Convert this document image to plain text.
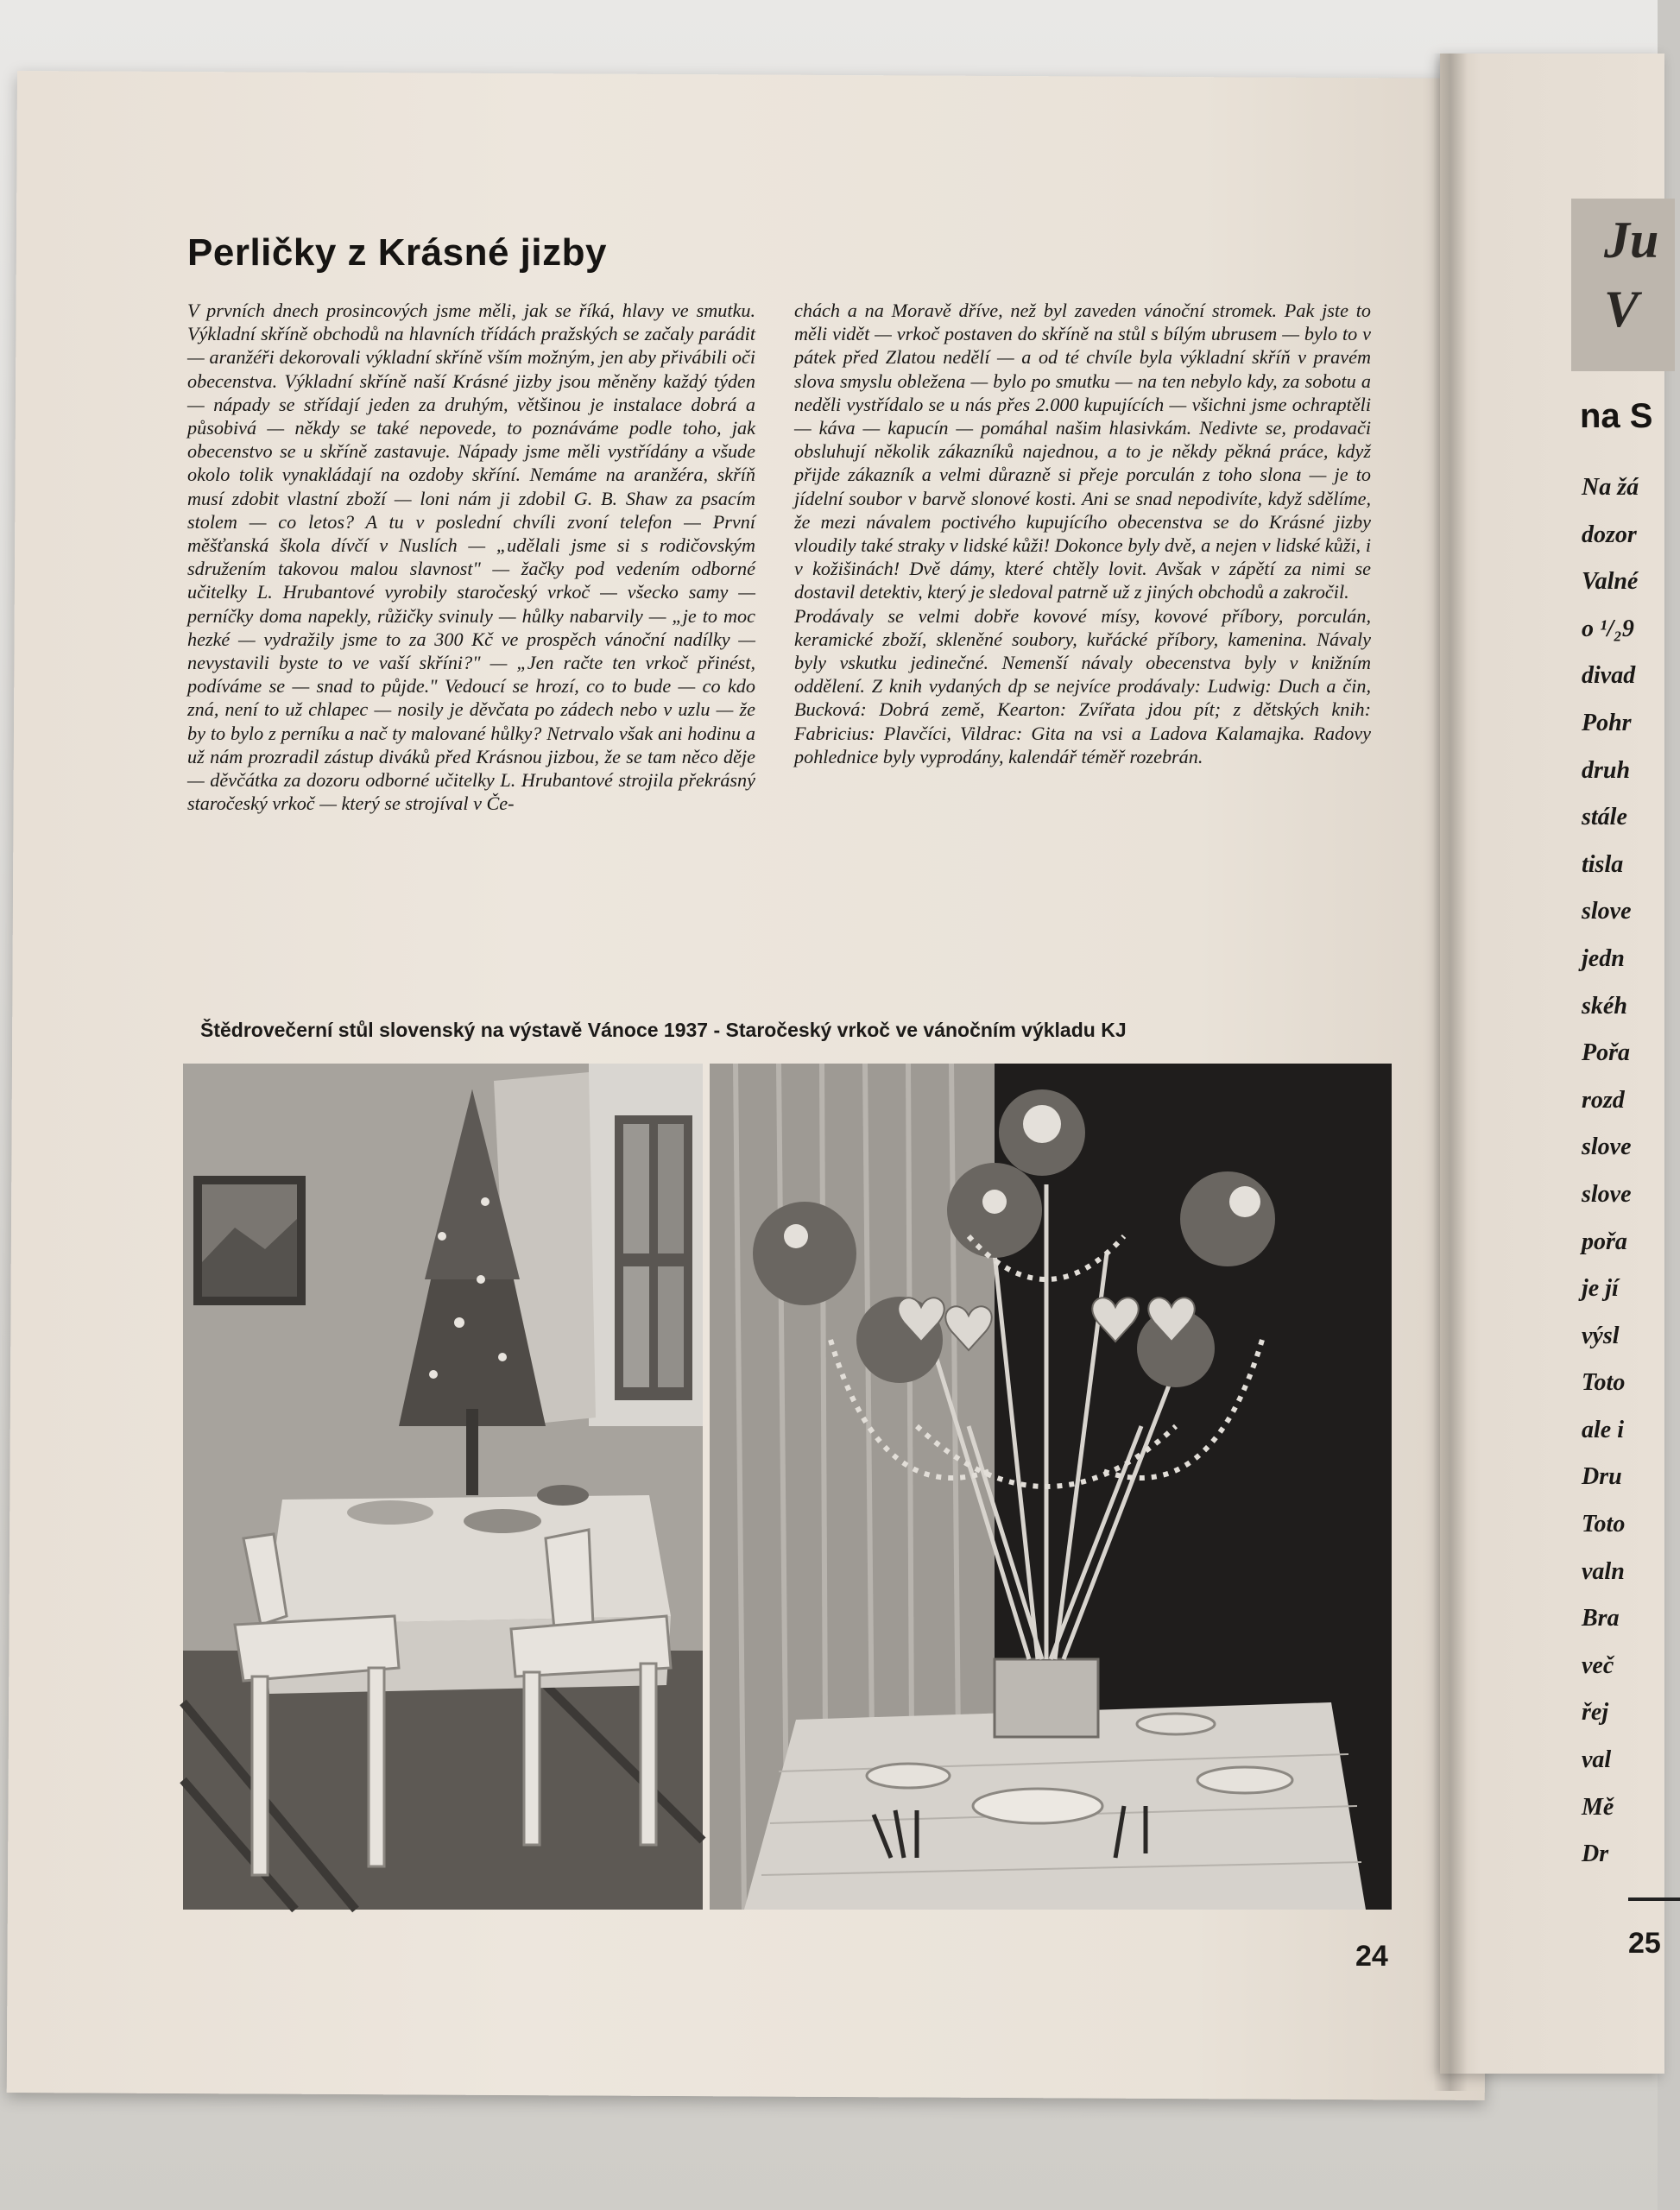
Perličky z Krásné jizby

V prvních dnech prosincových jsme měli, jak se říká, hlavy ve smutku. Výkladní skříně obchodů na hlavních třídách pražských se začaly parádit — aranžéři dekorovali výkladní skříně vším možným, jen aby přivábili oči obecenstva. Výkladní skříně naší Krásné jizby jsou měněny každý týden — nápady se střídají jeden za druhým, většinou je instalace dobrá a působivá — někdy se také nepovede, to poznáváme podle toho, jak obecenstvo se u skříně zastavuje. Nápady jsme měli vystřídány a všude okolo tolik vynakládají na ozdoby skříní. Nemáme na aranžéra, skříň musí zdobit vlastní zboží — loni nám ji zdobil G. B. Shaw za psacím stolem — co letos? A tu v poslední chvíli zvoní telefon — První měšťanská škola dívčí v Nuslích — „udělali jsme si s rodičovským sdružením takovou malou slavnost" — žačky pod vedením odborné učitelky L. Hrubantové vyrobily staročeský vrkoč — všecko samy — perníčky doma napekly, růžičky svinuly — hůlky nabarvily — „je to moc hezké — vydražily jsme to za 300 Kč ve prospěch vánoční nadílky — nevystavili byste to ve vaší skříni?" — „Jen račte ten vrkoč přinést, podíváme se — snad to půjde." Vedoucí se hrozí, co to bude — co kdo zná, není to už chlapec — nosily je děvčata po zádech nebo v uzlu — že by to bylo z perníku a nač ty malované hůlky? Netrvalo však ani hodinu a už nám prozradil zástup diváků před Krásnou jizbou, že se tam něco děje — děvčátka za dozoru odborné učitelky L. Hrubantové strojila překrásný staročeský vrkoč — který se strojíval v Če-

chách a na Moravě dříve, než byl zaveden vánoční stromek. Pak jste to měli vidět — vrkoč postaven do skříně na stůl s bílým ubrusem — bylo to v pátek před Zlatou nedělí — a od té chvíle byla výkladní skříň v pravém slova smyslu obležena — bylo po smutku — na ten nebylo kdy, za sobotu a neděli vystřídalo se u nás přes 2.000 kupujících — všichni jsme ochraptěli — káva — kapucín — pomáhal našim hlasivkám. Nedivte se, prodavači obsluhují několik zákazníků najednou, a to je někdy pěkná práce, když přijde zákazník a velmi důrazně si přeje porculán z toho slona — je to jídelní soubor v barvě slonové kosti. Ani se snad nepodivíte, když sdělíme, že mezi návalem poctivého kupujícího obecenstva se do Krásné jizby vloudily také straky v lidské kůži! Dokonce byly dvě, a nejen v lidské kůži, i v kožišinách! Dvě dámy, které chtěly lovit. Avšak v zápětí za nimi se dostavil detektiv, který je sledoval patrně už z jiných obchodů a zakročil.

Prodávaly se velmi dobře kovové mísy, kovové příbory, porculán, keramické zboží, skleněné soubory, kuřácké příbory, kamenina. Návaly byly vskutku jedinečné. Nemenší návaly obecenstva byly v knižním oddělení. Z knih vydaných dp se nejvíce prodávaly: Ludwig: Duch a čin, Bucková: Dobrá země, Kearton: Zvířata jdou pít; z dětských knih: Fabricius: Plavčíci, Vildrac: Gita na vsi a Ladova Kalamajka. Radovy pohlednice byly vyprodány, kalendář téměř rozebrán.

Štědrovečerní stůl slovenský na výstavě Vánoce 1937 - Staročeský vrkoč ve vánočním výkladu KJ

24

Ju
V
na S
Na žá
dozor
Valné
o ¹/₂9
divad
Pohr
druh
stále
tisla
slove
jedn
skéh
Pořa
rozd
slove
slove
pořa
je jí
výsl
Toto
ale i
Dru
Toto
valn
Bra
več
řej
val
Mě
Dr
25
